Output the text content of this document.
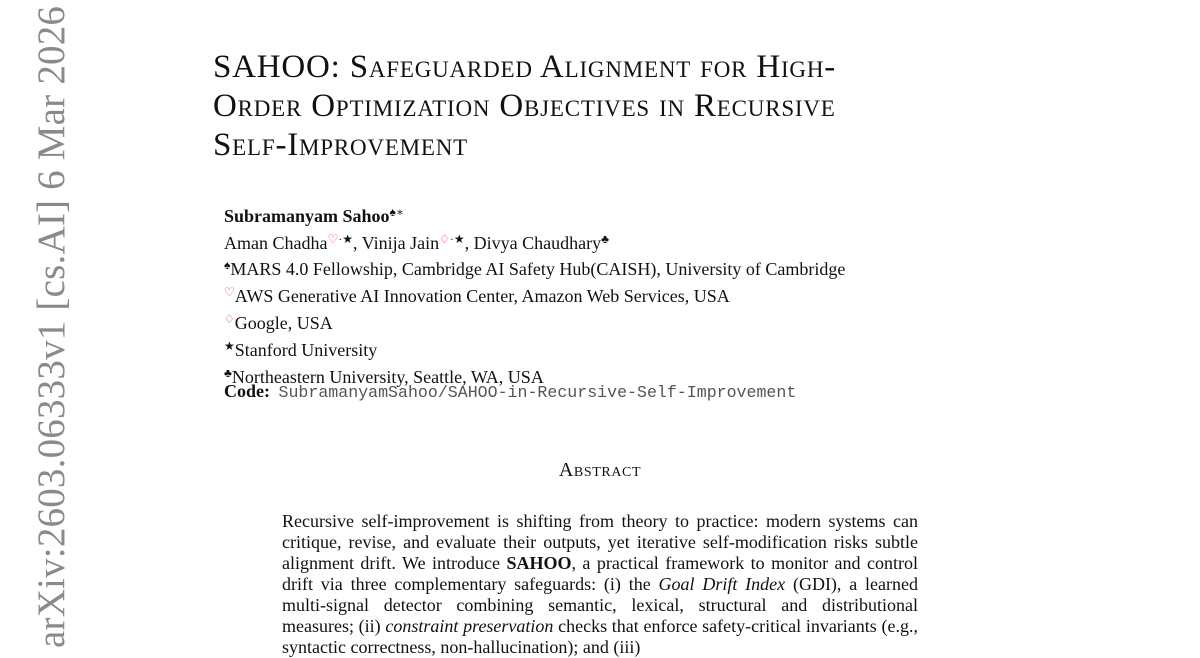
arXiv:2603.06333v1 [cs.AI] 6 Mar 2026	SAHOO: Safeguarded Alignment for High-
Order Optimization Objectives in Recursive
Self-Improvement
Subramanyam Sahoo♠∗
Aman Chadha♡·★, Vinija Jain♢·★, Divya Chaudhary♣
♠MARS 4.0 Fellowship, Cambridge AI Safety Hub(CAISH), University of Cambridge
♡AWS Generative AI Innovation Center, Amazon Web Services, USA
♢Google, USA
★Stanford University
♣Northeastern University, Seattle, WA, USA
Code: SubramanyamSahoo/SAHOO-in-Recursive-Self-Improvement
Abstract
Recursive self-improvement is shifting from theory to practice: modern systems can critique, revise, and evaluate their outputs, yet iterative self-modification risks subtle alignment drift. We introduce SAHOO, a practical framework to monitor and control drift via three complementary safeguards: (i) the Goal Drift Index (GDI), a learned multi-signal detector combining semantic, lexical, structural and distributional measures; (ii) constraint preservation checks that enforce safety-critical invariants (e.g., syntactic correctness, non-hallucination); and (iii)
